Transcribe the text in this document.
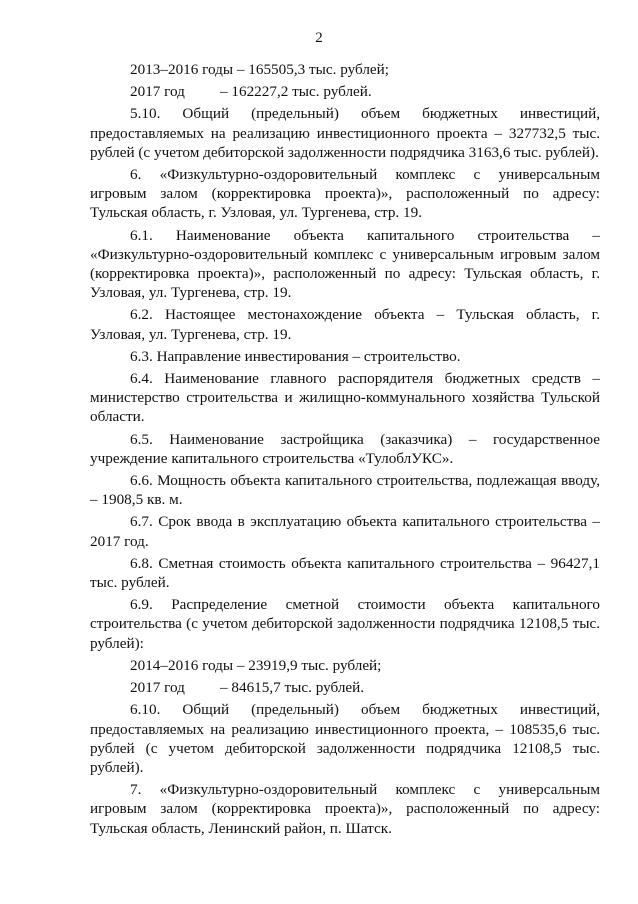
2
2013–2016 годы – 165505,3 тыс. рублей;
2017 год – 162227,2 тыс. рублей.
5.10. Общий (предельный) объем бюджетных инвестиций, предоставляемых на реализацию инвестиционного проекта – 327732,5 тыс. рублей (с учетом дебиторской задолженности подрядчика 3163,6 тыс. рублей).
6. «Физкультурно-оздоровительный комплекс с универсальным игровым залом (корректировка проекта)», расположенный по адресу: Тульская область, г. Узловая, ул. Тургенева, стр. 19.
6.1. Наименование объекта капитального строительства – «Физкультурно-оздоровительный комплекс с универсальным игровым залом (корректировка проекта)», расположенный по адресу: Тульская область, г. Узловая, ул. Тургенева, стр. 19.
6.2. Настоящее местонахождение объекта – Тульская область, г. Узловая, ул. Тургенева, стр. 19.
6.3. Направление инвестирования – строительство.
6.4. Наименование главного распорядителя бюджетных средств – министерство строительства и жилищно-коммунального хозяйства Тульской области.
6.5. Наименование застройщика (заказчика) – государственное учреждение капитального строительства «ТулоблУКС».
6.6. Мощность объекта капитального строительства, подлежащая вводу, – 1908,5 кв. м.
6.7. Срок ввода в эксплуатацию объекта капитального строительства – 2017 год.
6.8. Сметная стоимость объекта капитального строительства – 96427,1 тыс. рублей.
6.9. Распределение сметной стоимости объекта капитального строительства (с учетом дебиторской задолженности подрядчика 12108,5 тыс. рублей):
2014–2016 годы – 23919,9 тыс. рублей;
2017 год – 84615,7 тыс. рублей.
6.10. Общий (предельный) объем бюджетных инвестиций, предоставляемых на реализацию инвестиционного проекта, – 108535,6 тыс. рублей (с учетом дебиторской задолженности подрядчика 12108,5 тыс. рублей).
7. «Физкультурно-оздоровительный комплекс с универсальным игровым залом (корректировка проекта)», расположенный по адресу: Тульская область, Ленинский район, п. Шатск.
